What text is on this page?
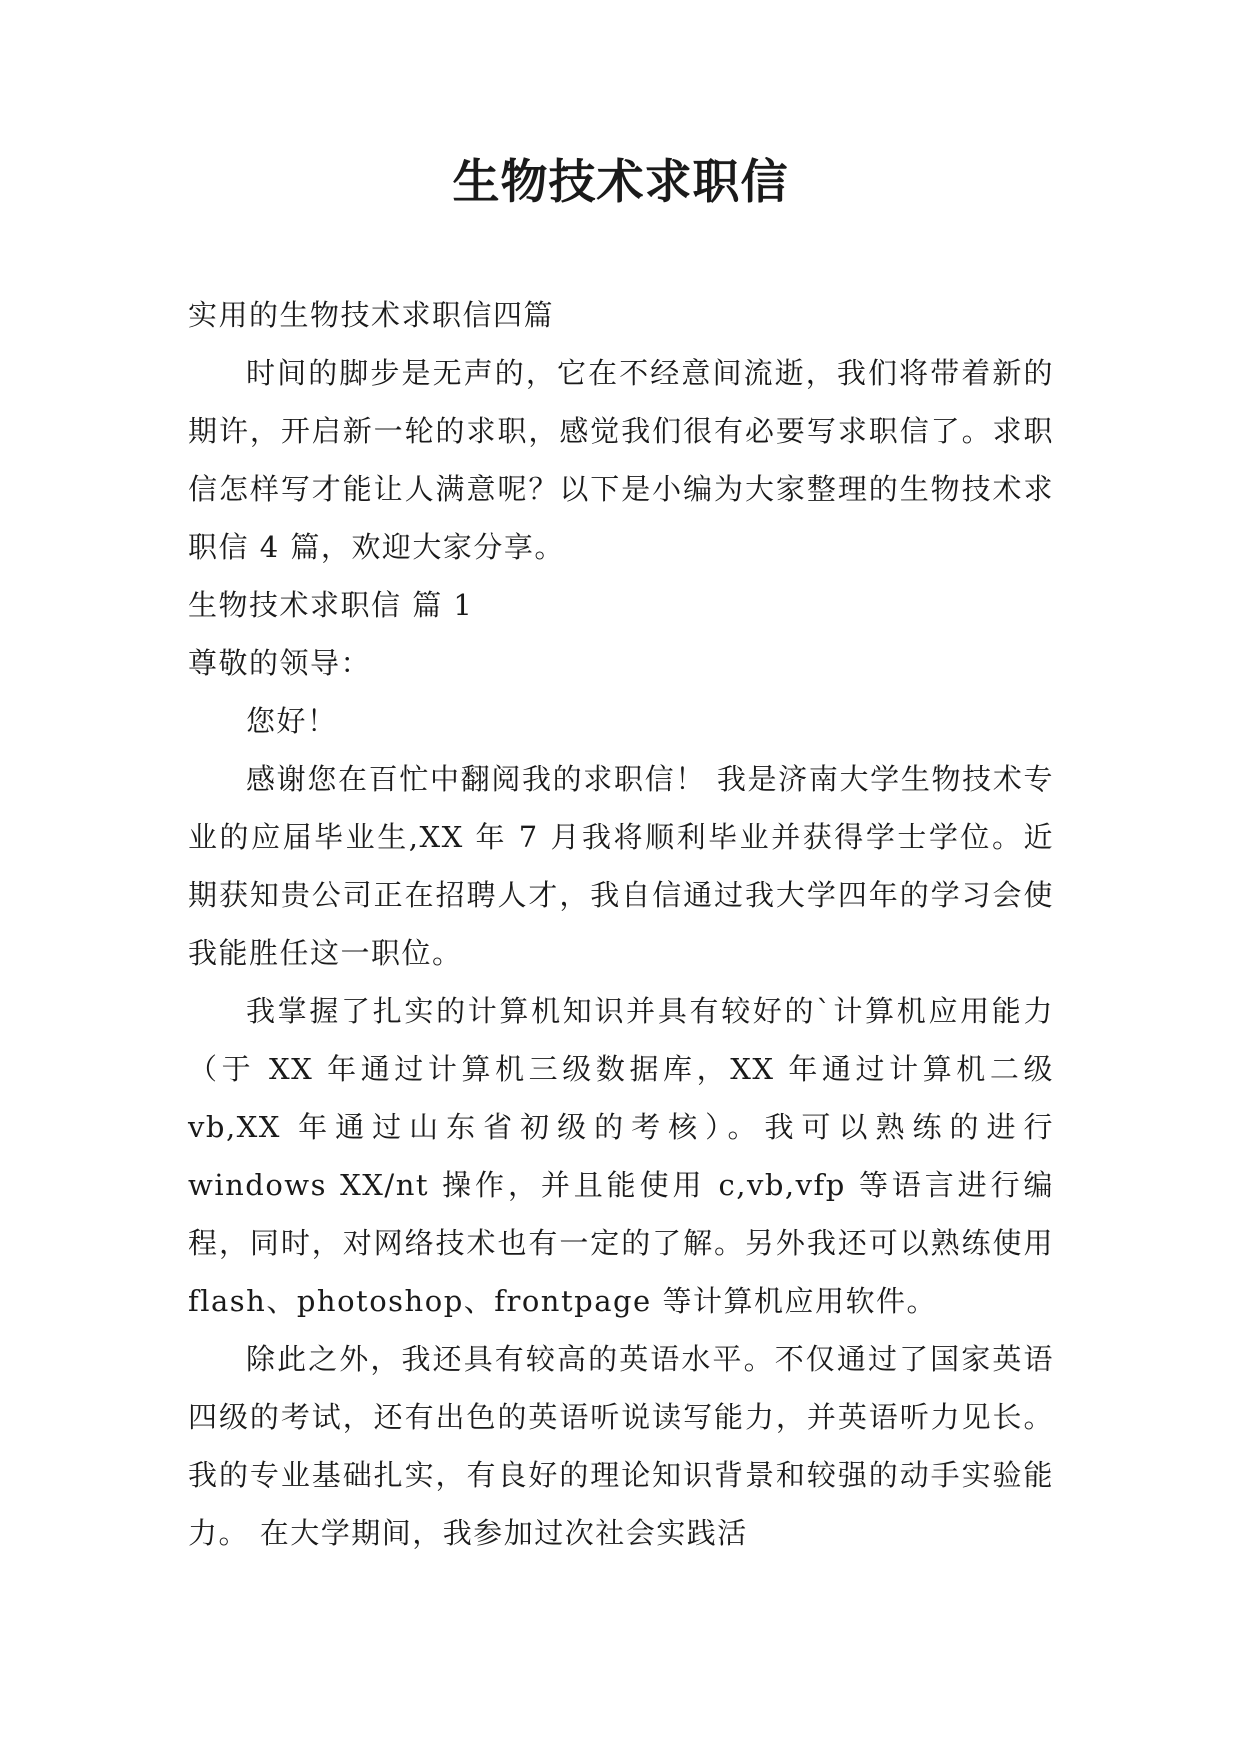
生物技术求职信

实用的生物技术求职信四篇

时间的脚步是无声的，它在不经意间流逝，我们将带着新的期许，开启新一轮的求职，感觉我们很有必要写求职信了。求职信怎样写才能让人满意呢？以下是小编为大家整理的生物技术求职信 4 篇，欢迎大家分享。

生物技术求职信 篇 1

尊敬的领导：

您好！

感谢您在百忙中翻阅我的求职信！ 我是济南大学生物技术专业的应届毕业生,XX 年 7 月我将顺利毕业并获得学士学位。近期获知贵公司正在招聘人才，我自信通过我大学四年的学习会使我能胜任这一职位。

我掌握了扎实的计算机知识并具有较好的`计算机应用能力（于 XX 年通过计算机三级数据库，XX 年通过计算机二级 vb,XX 年通过山东省初级的考核）。我可以熟练的进行 windows XX/nt 操作，并且能使用 c,vb,vfp 等语言进行编程，同时，对网络技术也有一定的了解。另外我还可以熟练使用 flash、photoshop、frontpage 等计算机应用软件。

除此之外，我还具有较高的英语水平。不仅通过了国家英语四级的考试，还有出色的英语听说读写能力，并英语听力见长。 我的专业基础扎实，有良好的理论知识背景和较强的动手实验能力。 在大学期间，我参加过次社会实践活
